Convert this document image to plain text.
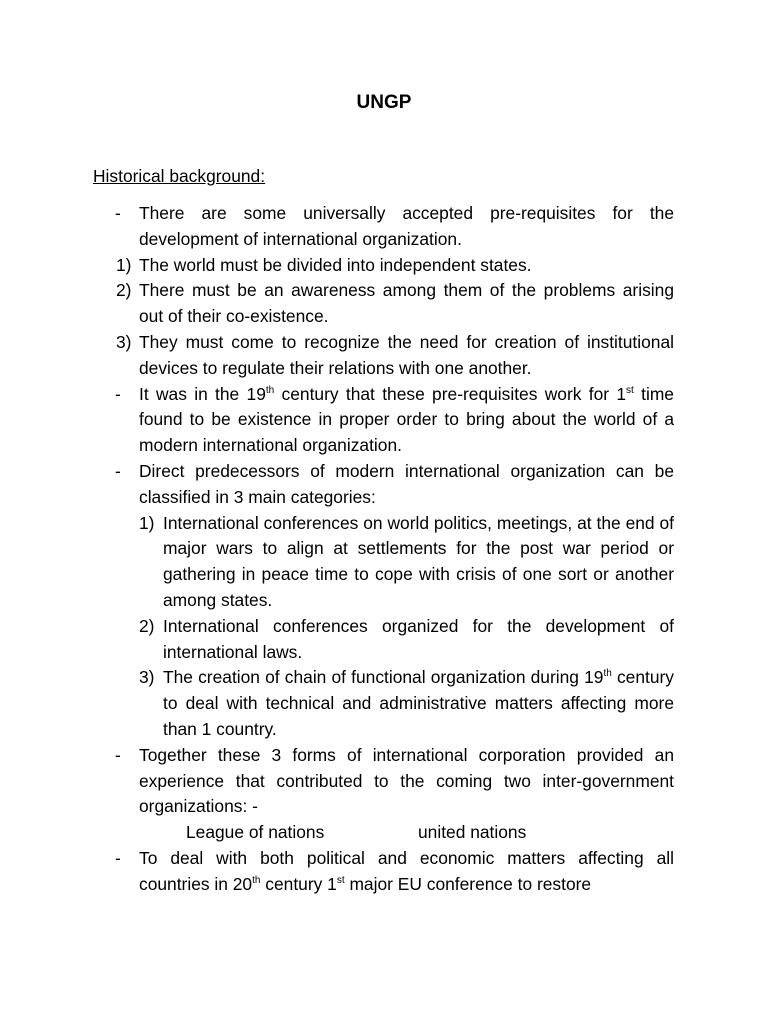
UNGP

Historical background:

- There are some universally accepted pre-requisites for the development of international organization.
1) The world must be divided into independent states.
2) There must be an awareness among them of the problems arising out of their co-existence.
3) They must come to recognize the need for creation of institutional devices to regulate their relations with one another.
- It was in the 19th century that these pre-requisites work for 1st time found to be existence in proper order to bring about the world of a modern international organization.
- Direct predecessors of modern international organization can be classified in 3 main categories:
1) International conferences on world politics, meetings, at the end of major wars to align at settlements for the post war period or gathering in peace time to cope with crisis of one sort or another among states.
2) International conferences organized for the development of international laws.
3) The creation of chain of functional organization during 19th century to deal with technical and administrative matters affecting more than 1 country.
- Together these 3 forms of international corporation provided an experience that contributed to the coming two inter-government organizations: -
League of nations	united nations
- To deal with both political and economic matters affecting all countries in 20th century 1st major EU conference to restore
